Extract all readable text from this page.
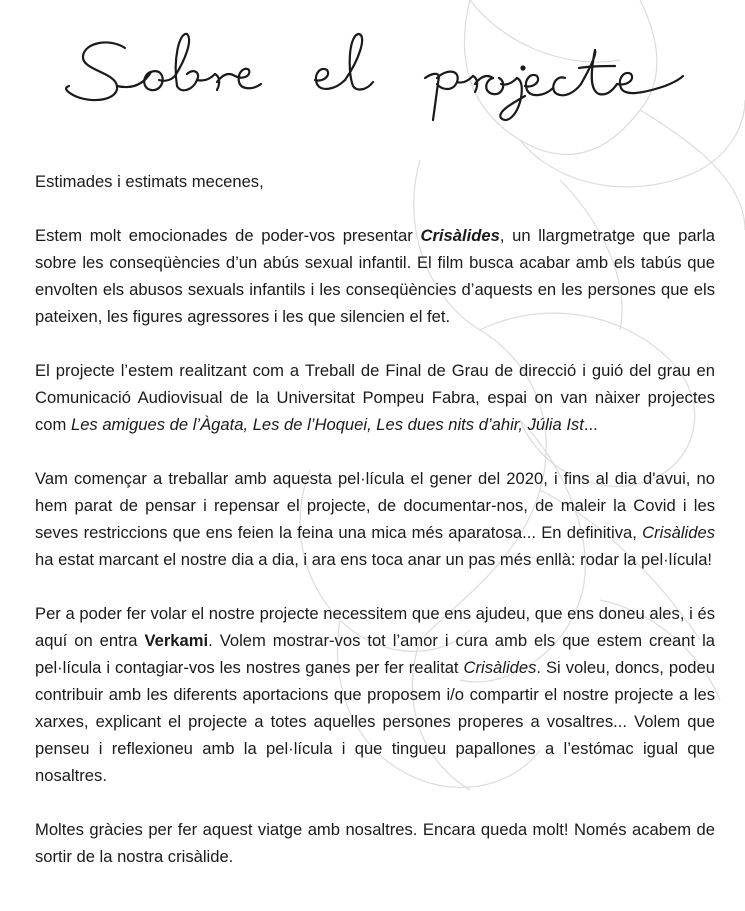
Estimades i estimats mecenes,

Estem molt emocionades de poder-vos presentar Crisàlides, un llargmetratge que parla sobre les conseqüències d’un abús sexual infantil. El film busca acabar amb els tabús que envolten els abusos sexuals infantils i les conseqüències d’aquests en les persones que els pateixen, les figures agressores i les que silencien el fet.

El projecte l’estem realitzant com a Treball de Final de Grau de direcció i guió del grau en Comunicació Audiovisual de la Universitat Pompeu Fabra, espai on van nàixer projectes com Les amigues de l’Àgata, Les de l’Hoquei, Les dues nits d’ahir, Júlia Ist...

Vam començar a treballar amb aquesta pel·lícula el gener del 2020, i fins al dia d'avui, no hem parat de pensar i repensar el projecte, de documentar-nos, de maleir la Covid i les seves restriccions que ens feien la feina una mica més aparatosa... En definitiva, Crisàlides ha estat marcant el nostre dia a dia, i ara ens toca anar un pas més enllà: rodar la pel·lícula!

Per a poder fer volar el nostre projecte necessitem que ens ajudeu, que ens doneu ales, i és aquí on entra Verkami. Volem mostrar-vos tot l’amor i cura amb els que estem creant la pel·lícula i contagiar-vos les nostres ganes per fer realitat Crisàlides. Si voleu, doncs, podeu contribuir amb les diferents aportacions que proposem i/o compartir el nostre projecte a les xarxes, explicant el projecte a totes aquelles persones properes a vosaltres... Volem que penseu i reflexioneu amb la pel·lícula i que tingueu papallones a l’estómac igual que nosaltres.

Moltes gràcies per fer aquest viatge amb nosaltres. Encara queda molt! Només acabem de sortir de la nostra crisàlide.
